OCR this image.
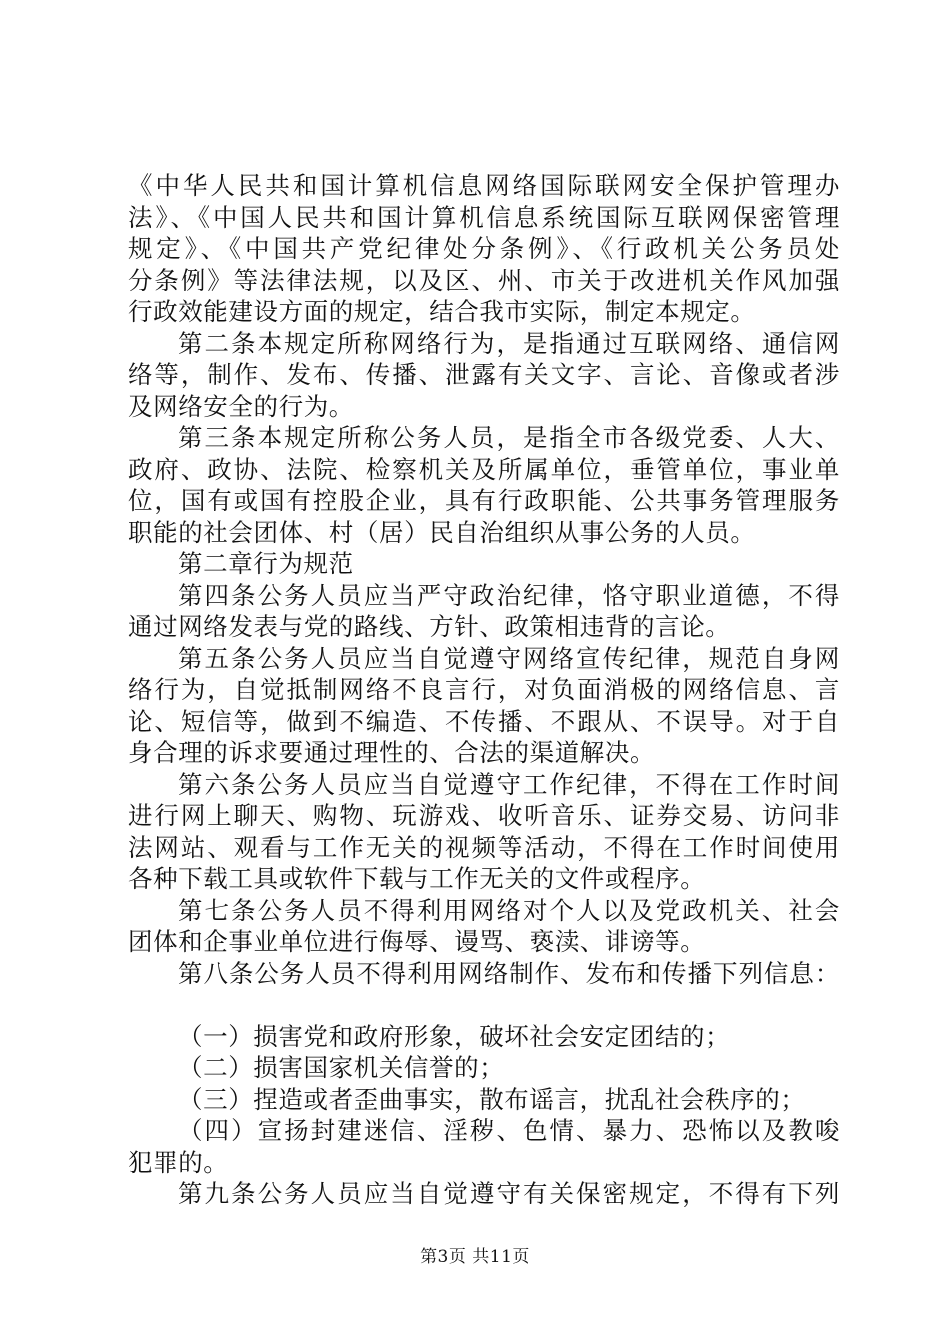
《中华人民共和国计算机信息网络国际联网安全保护管理办
法》、《中国人民共和国计算机信息系统国际互联网保密管理
规定》、《中国共产党纪律处分条例》、《行政机关公务员处
分条例》等法律法规，以及区、州、市关于改进机关作风加强
行政效能建设方面的规定，结合我市实际，制定本规定。
第二条本规定所称网络行为，是指通过互联网络、通信网
络等，制作、发布、传播、泄露有关文字、言论、音像或者涉
及网络安全的行为。
第三条本规定所称公务人员，是指全市各级党委、人大、
政府、政协、法院、检察机关及所属单位，垂管单位，事业单
位，国有或国有控股企业，具有行政职能、公共事务管理服务
职能的社会团体、村（居）民自治组织从事公务的人员。
第二章行为规范
第四条公务人员应当严守政治纪律，恪守职业道德，不得
通过网络发表与党的路线、方针、政策相违背的言论。
第五条公务人员应当自觉遵守网络宣传纪律，规范自身网
络行为，自觉抵制网络不良言行，对负面消极的网络信息、言
论、短信等，做到不编造、不传播、不跟从、不误导。对于自
身合理的诉求要通过理性的、合法的渠道解决。
第六条公务人员应当自觉遵守工作纪律，不得在工作时间
进行网上聊天、购物、玩游戏、收听音乐、证券交易、访问非
法网站、观看与工作无关的视频等活动，不得在工作时间使用
各种下载工具或软件下载与工作无关的文件或程序。
第七条公务人员不得利用网络对个人以及党政机关、社会
团体和企事业单位进行侮辱、谩骂、亵渎、诽谤等。
第八条公务人员不得利用网络制作、发布和传播下列信息：
（一）损害党和政府形象，破坏社会安定团结的；
（二）损害国家机关信誉的；
（三）捏造或者歪曲事实，散布谣言，扰乱社会秩序的；
（四）宣扬封建迷信、淫秽、色情、暴力、恐怖以及教唆
犯罪的。
第九条公务人员应当自觉遵守有关保密规定，不得有下列
第3页 共11页
